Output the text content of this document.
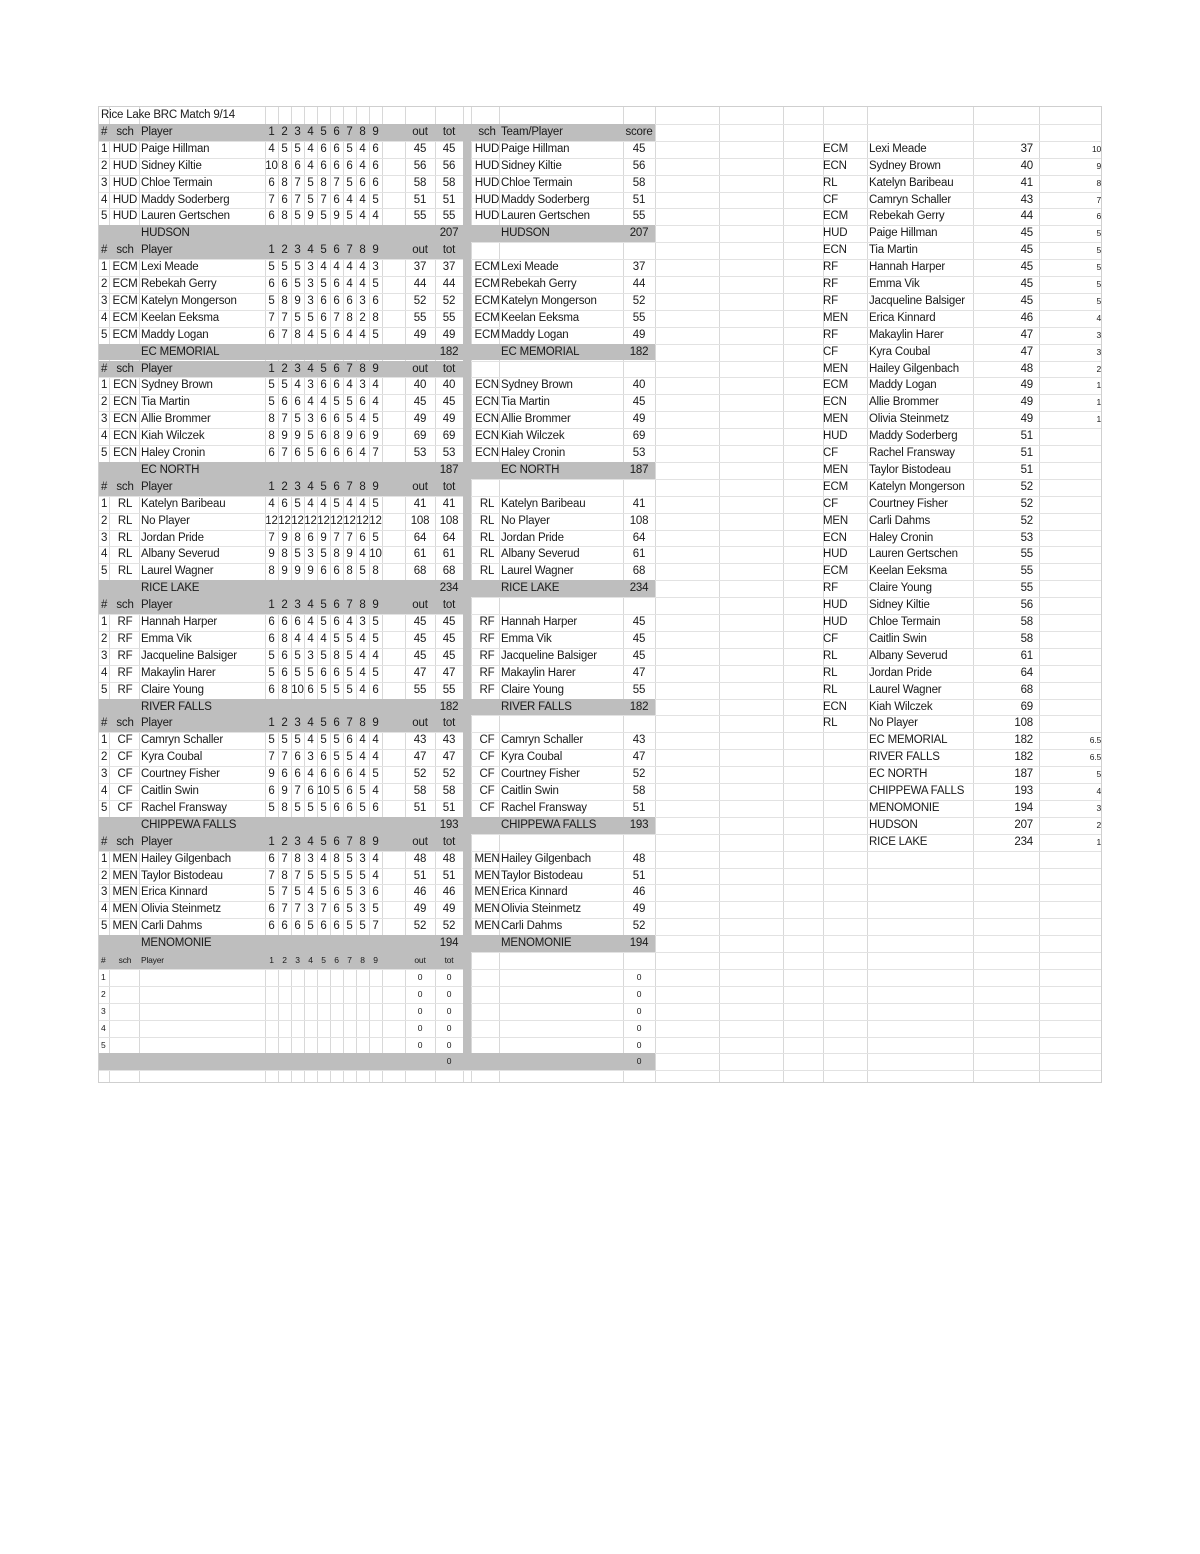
Rice Lake BRC Match 9/14
# sch Player	1 2 3 4 5 6 7 8 9	out	tot	sch Team/Player	score
1 HUD Paige Hillman	4 5 5 4 6 6 5 4 6	45	45	HUD Paige Hillman	45
2 HUD Sidney Kiltie	10 8 6 4 6 6 6 4 6	56	56	HUD Sidney Kiltie	56
3 HUD Chloe Termain	6 8 7 5 8 7 5 6 6	58	58	HUD Chloe Termain	58
4 HUD Maddy Soderberg	7 6 7 5 7 6 4 4 5	51	51	HUD Maddy Soderberg	51
5 HUD Lauren Gertschen	6 8 5 9 5 9 5 4 4	55	55	HUD Lauren Gertschen	55
HUDSON	207	HUDSON	207
# sch Player	1 2 3 4 5 6 7 8 9	out	tot
1 ECM Lexi Meade	5 5 5 3 4 4 4 4 3	37	37	ECM Lexi Meade	37
2 ECM Rebekah Gerry	6 6 5 3 5 6 4 4 5	44	44	ECM Rebekah Gerry	44
3 ECM Katelyn Mongerson	5 8 9 3 6 6 6 3 6	52	52	ECM Katelyn Mongerson	52
4 ECM Keelan Eeksma	7 7 5 5 6 7 8 2 8	55	55	ECM Keelan Eeksma	55
5 ECM Maddy Logan	6 7 8 4 5 6 4 4 5	49	49	ECM Maddy Logan	49
EC MEMORIAL	182	EC MEMORIAL	182
# sch Player	1 2 3 4 5 6 7 8 9	out	tot
1 ECN Sydney Brown	5 5 4 3 6 6 4 3 4	40	40	ECN Sydney Brown	40
2 ECN Tia Martin	5 6 6 4 4 5 5 6 4	45	45	ECN Tia Martin	45
3 ECN Allie Brommer	8 7 5 3 6 6 5 4 5	49	49	ECN Allie Brommer	49
4 ECN Kiah Wilczek	8 9 9 5 6 8 9 6 9	69	69	ECN Kiah Wilczek	69
5 ECN Haley Cronin	6 7 6 5 6 6 6 4 7	53	53	ECN Haley Cronin	53
EC NORTH	187	EC NORTH	187
# sch Player	1 2 3 4 5 6 7 8 9	out	tot
1 RL Katelyn Baribeau	4 6 5 4 4 5 4 4 5	41	41	RL Katelyn Baribeau	41
2 RL No Player	12 12 12 12 12 12 12 12 12	108 108	RL No Player	108
3 RL Jordan Pride	7 9 8 6 9 7 7 6 5	64	64	RL Jordan Pride	64
4 RL Albany Severud	9 8 5 3 5 8 9 4 10	61	61	RL Albany Severud	61
5 RL Laurel Wagner	8 9 9 9 6 6 8 5 8	68	68	RL Laurel Wagner	68
RICE LAKE	234	RICE LAKE	234
# sch Player	1 2 3 4 5 6 7 8 9	out	tot
1 RF Hannah Harper	6 6 6 4 5 6 4 3 5	45	45	RF Hannah Harper	45
2 RF Emma Vik	6 8 4 4 4 5 5 4 5	45	45	RF Emma Vik	45
3 RF Jacqueline Balsiger	5 6 5 3 5 8 5 4 4	45	45	RF Jacqueline Balsiger	45
4 RF Makaylin Harer	5 6 5 5 6 6 5 4 5	47	47	RF Makaylin Harer	47
5 RF Claire Young	6 8 10 6 5 5 5 4 6	55	55	RF Claire Young	55
RIVER FALLS	182	RIVER FALLS	182
# sch Player	1 2 3 4 5 6 7 8 9	out	tot
1 CF Camryn Schaller	5 5 5 4 5 5 6 4 4	43	43	CF Camryn Schaller	43
2 CF Kyra Coubal	7 7 6 3 6 5 5 4 4	47	47	CF Kyra Coubal	47
3 CF Courtney Fisher	9 6 6 4 6 6 6 4 5	52	52	CF Courtney Fisher	52
4 CF Caitlin Swin	6 9 7 6 10 5 6 5 4	58	58	CF Caitlin Swin	58
5 CF Rachel Fransway	5 8 5 5 5 6 6 5 6	51	51	CF Rachel Fransway	51
CHIPPEWA FALLS	193	CHIPPEWA FALLS	193
# sch Player	1 2 3 4 5 6 7 8 9	out	tot
1 MEN Hailey Gilgenbach	6 7 8 3 4 8 5 3 4	48	48	MEN Hailey Gilgenbach	48
2 MEN Taylor Bistodeau	7 8 7 5 5 5 5 5 4	51	51	MEN Taylor Bistodeau	51
3 MEN Erica Kinnard	5 7 5 4 5 6 5 3 6	46	46	MEN Erica Kinnard	46
4 MEN Olivia Steinmetz	6 7 7 3 7 6 5 3 5	49	49	MEN Olivia Steinmetz	49
5 MEN Carli Dahms	6 6 6 5 6 6 5 5 7	52	52	MEN Carli Dahms	52
MENOMONIE	194	MENOMONIE	194
#	sch	Player	1 2 3 4 5 6 7 8 9	out	tot
1	0	0	0
2	0	0	0
3	0	0	0
4	0	0	0
5	0	0	0
0	0
ECM	Lexi Meade	37	10
ECN	Sydney Brown	40	9
RL	Katelyn Baribeau	41	8
CF	Camryn Schaller	43	7
ECM	Rebekah Gerry	44	6
HUD	Paige Hillman	45	5
ECN	Tia Martin	45	5
RF	Hannah Harper	45	5
RF	Emma Vik	45	5
RF	Jacqueline Balsiger	45	5
MEN	Erica Kinnard	46	4
RF	Makaylin Harer	47	3
CF	Kyra Coubal	47	3
MEN	Hailey Gilgenbach	48	2
ECM	Maddy Logan	49	1
ECN	Allie Brommer	49	1
MEN	Olivia Steinmetz	49	1
HUD	Maddy Soderberg	51
CF	Rachel Fransway	51
MEN	Taylor Bistodeau	51
ECM	Katelyn Mongerson	52
CF	Courtney Fisher	52
MEN	Carli Dahms	52
ECN	Haley Cronin	53
HUD	Lauren Gertschen	55
ECM	Keelan Eeksma	55
RF	Claire Young	55
HUD	Sidney Kiltie	56
HUD	Chloe Termain	58
CF	Caitlin Swin	58
RL	Albany Severud	61
RL	Jordan Pride	64
RL	Laurel Wagner	68
ECN	Kiah Wilczek	69
RL	No Player	108
EC MEMORIAL	182	6.5
RIVER FALLS	182	6.5
EC NORTH	187	5
CHIPPEWA FALLS	193	4
MENOMONIE	194	3
HUDSON	207	2
RICE LAKE	234	1
